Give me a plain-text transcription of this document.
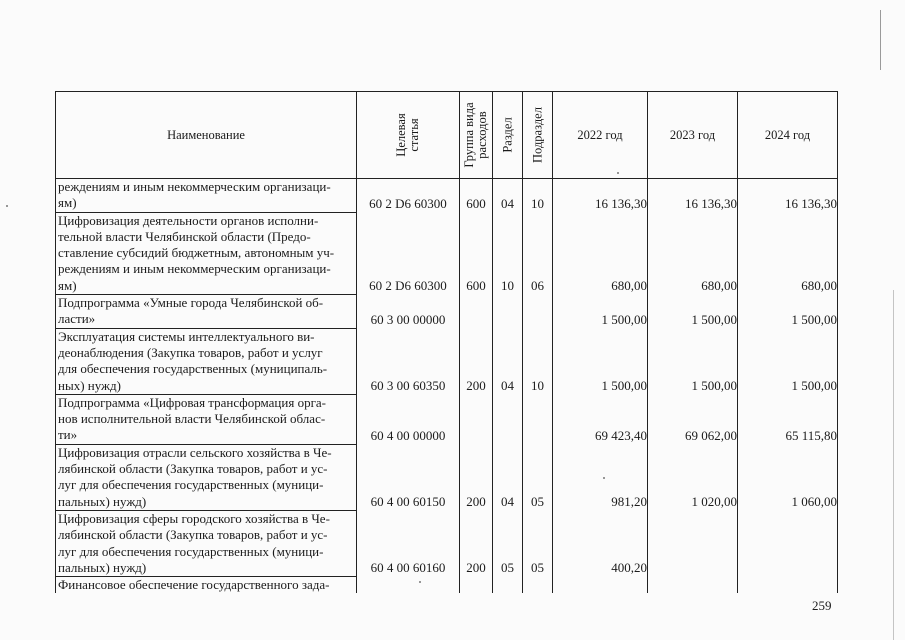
Наименование	Целевая статья	Группа вида расходов	Раздел	Подраздел	2022 год	2023 год	2024 год
реждениям и иным некоммерческим организаци-
ям)	60 2 D6 60300	600	04	10	16 136,30	16 136,30	16 136,30
Цифровизация деятельности органов исполни-
тельной власти Челябинской области (Предо-
ставление субсидий бюджетным, автономным уч-
реждениям и иным некоммерческим организаци-
ям)	60 2 D6 60300	600	10	06	680,00	680,00	680,00
Подпрограмма «Умные города Челябинской об-
ласти»	60 3 00 00000				1 500,00	1 500,00	1 500,00
Эксплуатация системы интеллектуального ви-
деонаблюдения (Закупка товаров, работ и услуг
для обеспечения государственных (муниципаль-
ных) нужд)	60 3 00 60350	200	04	10	1 500,00	1 500,00	1 500,00
Подпрограмма «Цифровая трансформация орга-
нов исполнительной власти Челябинской облас-
ти»	60 4 00 00000				69 423,40	69 062,00	65 115,80
Цифровизация отрасли сельского хозяйства в Че-
лябинской области (Закупка товаров, работ и ус-
луг для обеспечения государственных (муници-
пальных) нужд)	60 4 00 60150	200	04	05	981,20	1 020,00	1 060,00
Цифровизация сферы городского хозяйства в Че-
лябинской области (Закупка товаров, работ и ус-
луг для обеспечения государственных (муници-
пальных) нужд)	60 4 00 60160	200	05	05	400,20		
Финансовое обеспечение государственного зада-							
259
